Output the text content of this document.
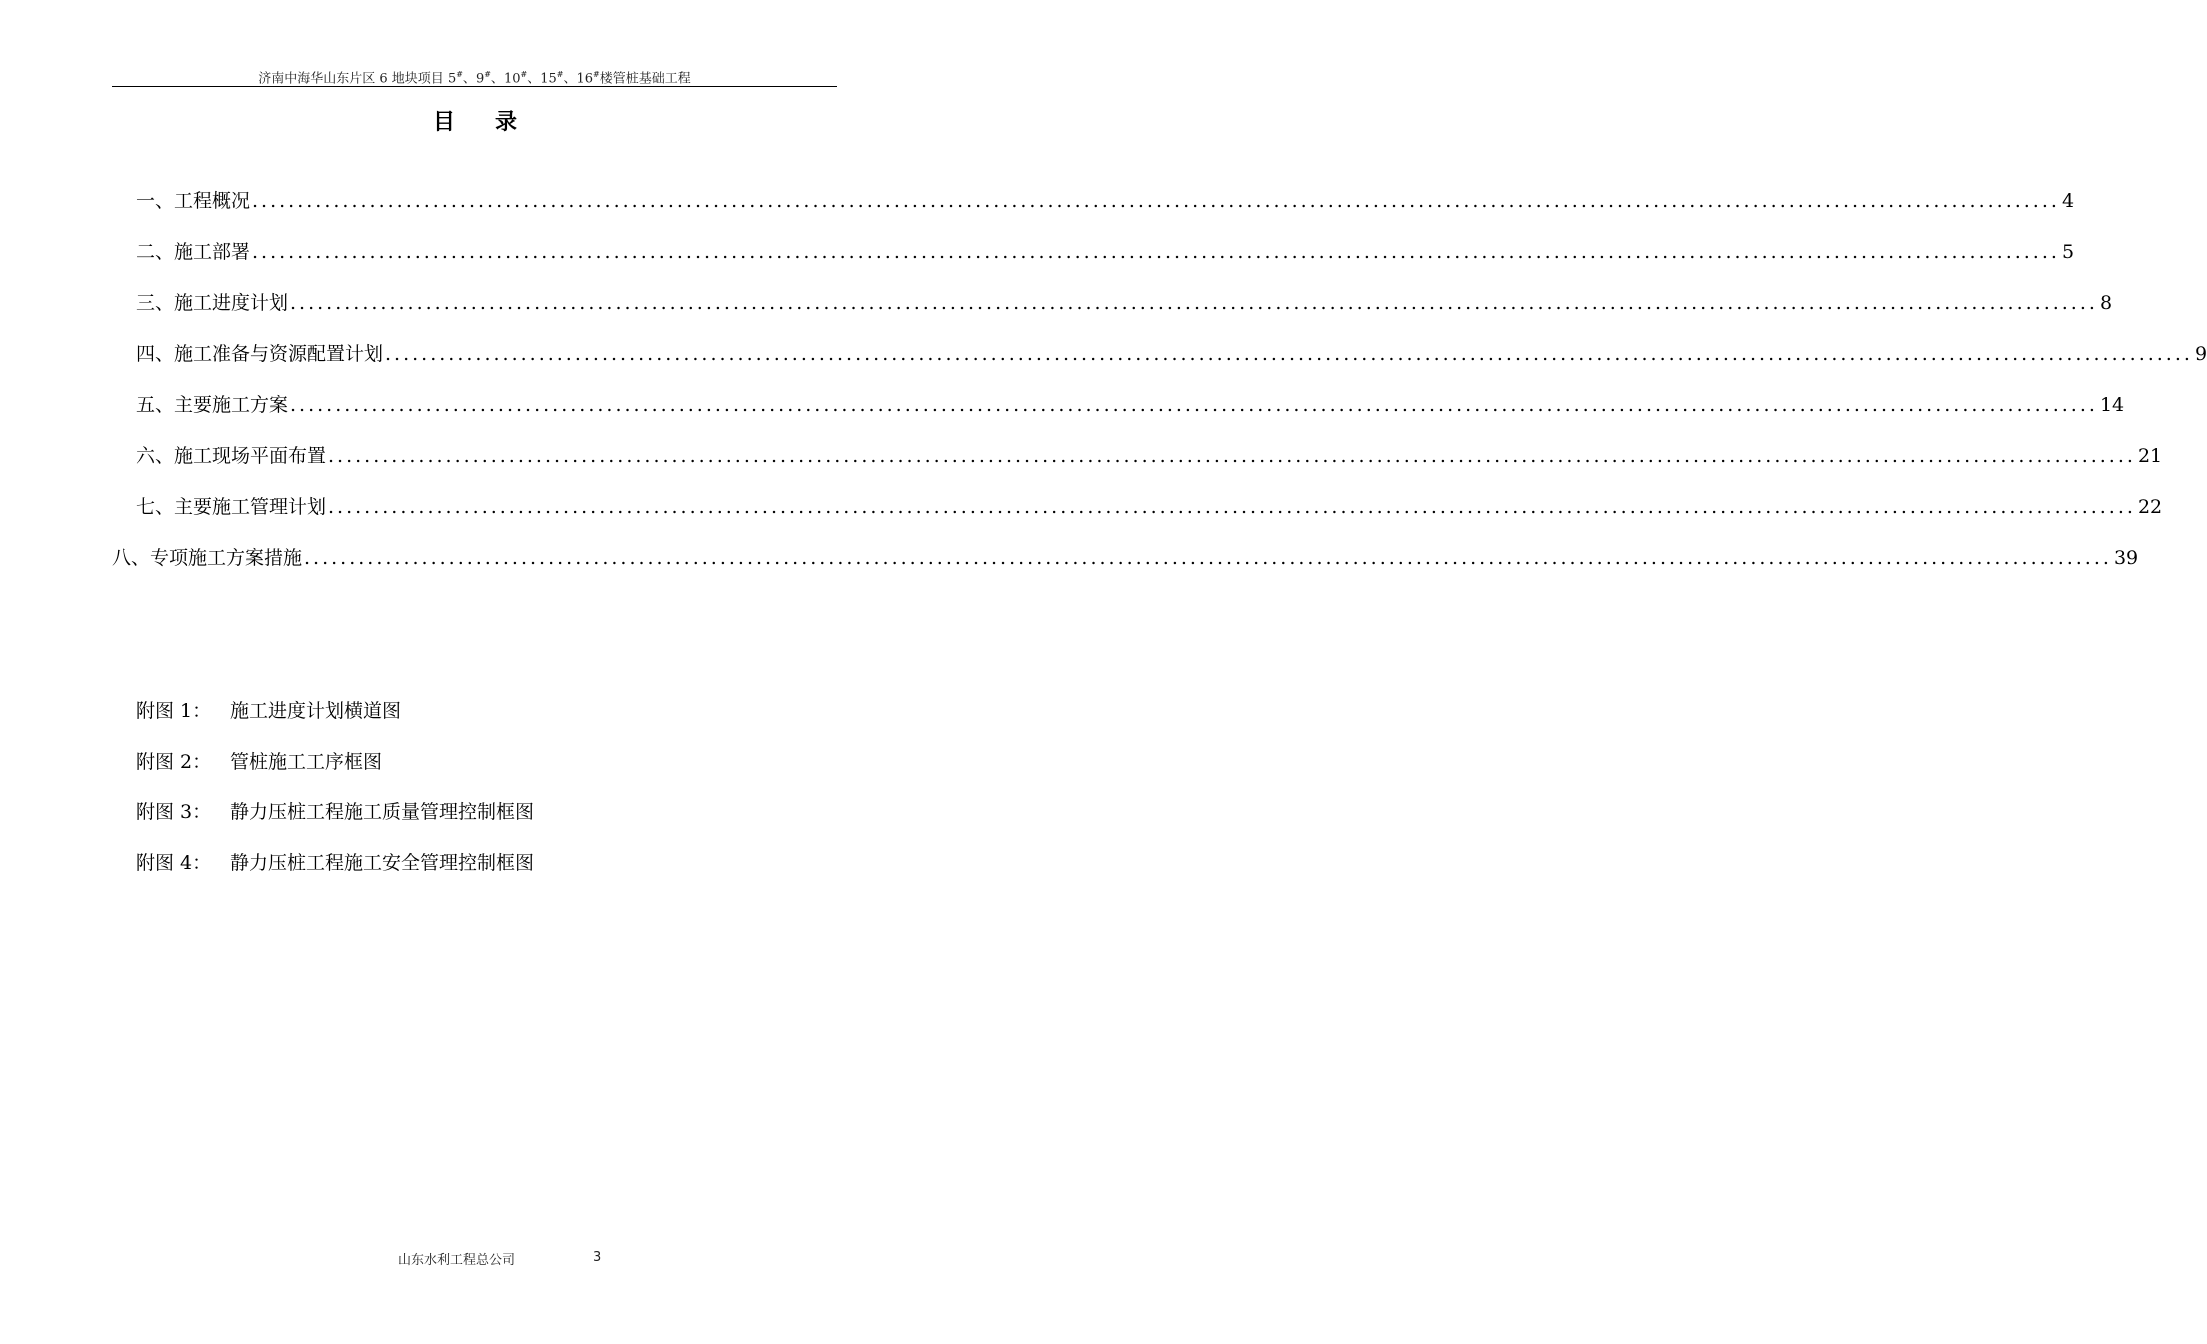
济南中海华山东片区 6 地块项目 5#、9#、10#、15#、16#楼管桩基础工程
目录
一、工程概况 ........................................................................................................................................................................................................ 4
二、施工部署 ........................................................................................................................................................................................................ 5
三、施工进度计划 ........................................................................................................................................................................................................ 8
四、施工准备与资源配置计划 ........................................................................................................................................................................................................ 9
五、主要施工方案 ........................................................................................................................................................................................................ 14
六、施工现场平面布置 ........................................................................................................................................................................................................ 21
七、主要施工管理计划 ........................................................................................................................................................................................................ 22
八、专项施工方案措施 ........................................................................................................................................................................................................ 39
附图 1： 施工进度计划横道图
附图 2： 管桩施工工序框图
附图 3： 静力压桩工程施工质量管理控制框图
附图 4： 静力压桩工程施工安全管理控制框图
山东水利工程总公司	3
